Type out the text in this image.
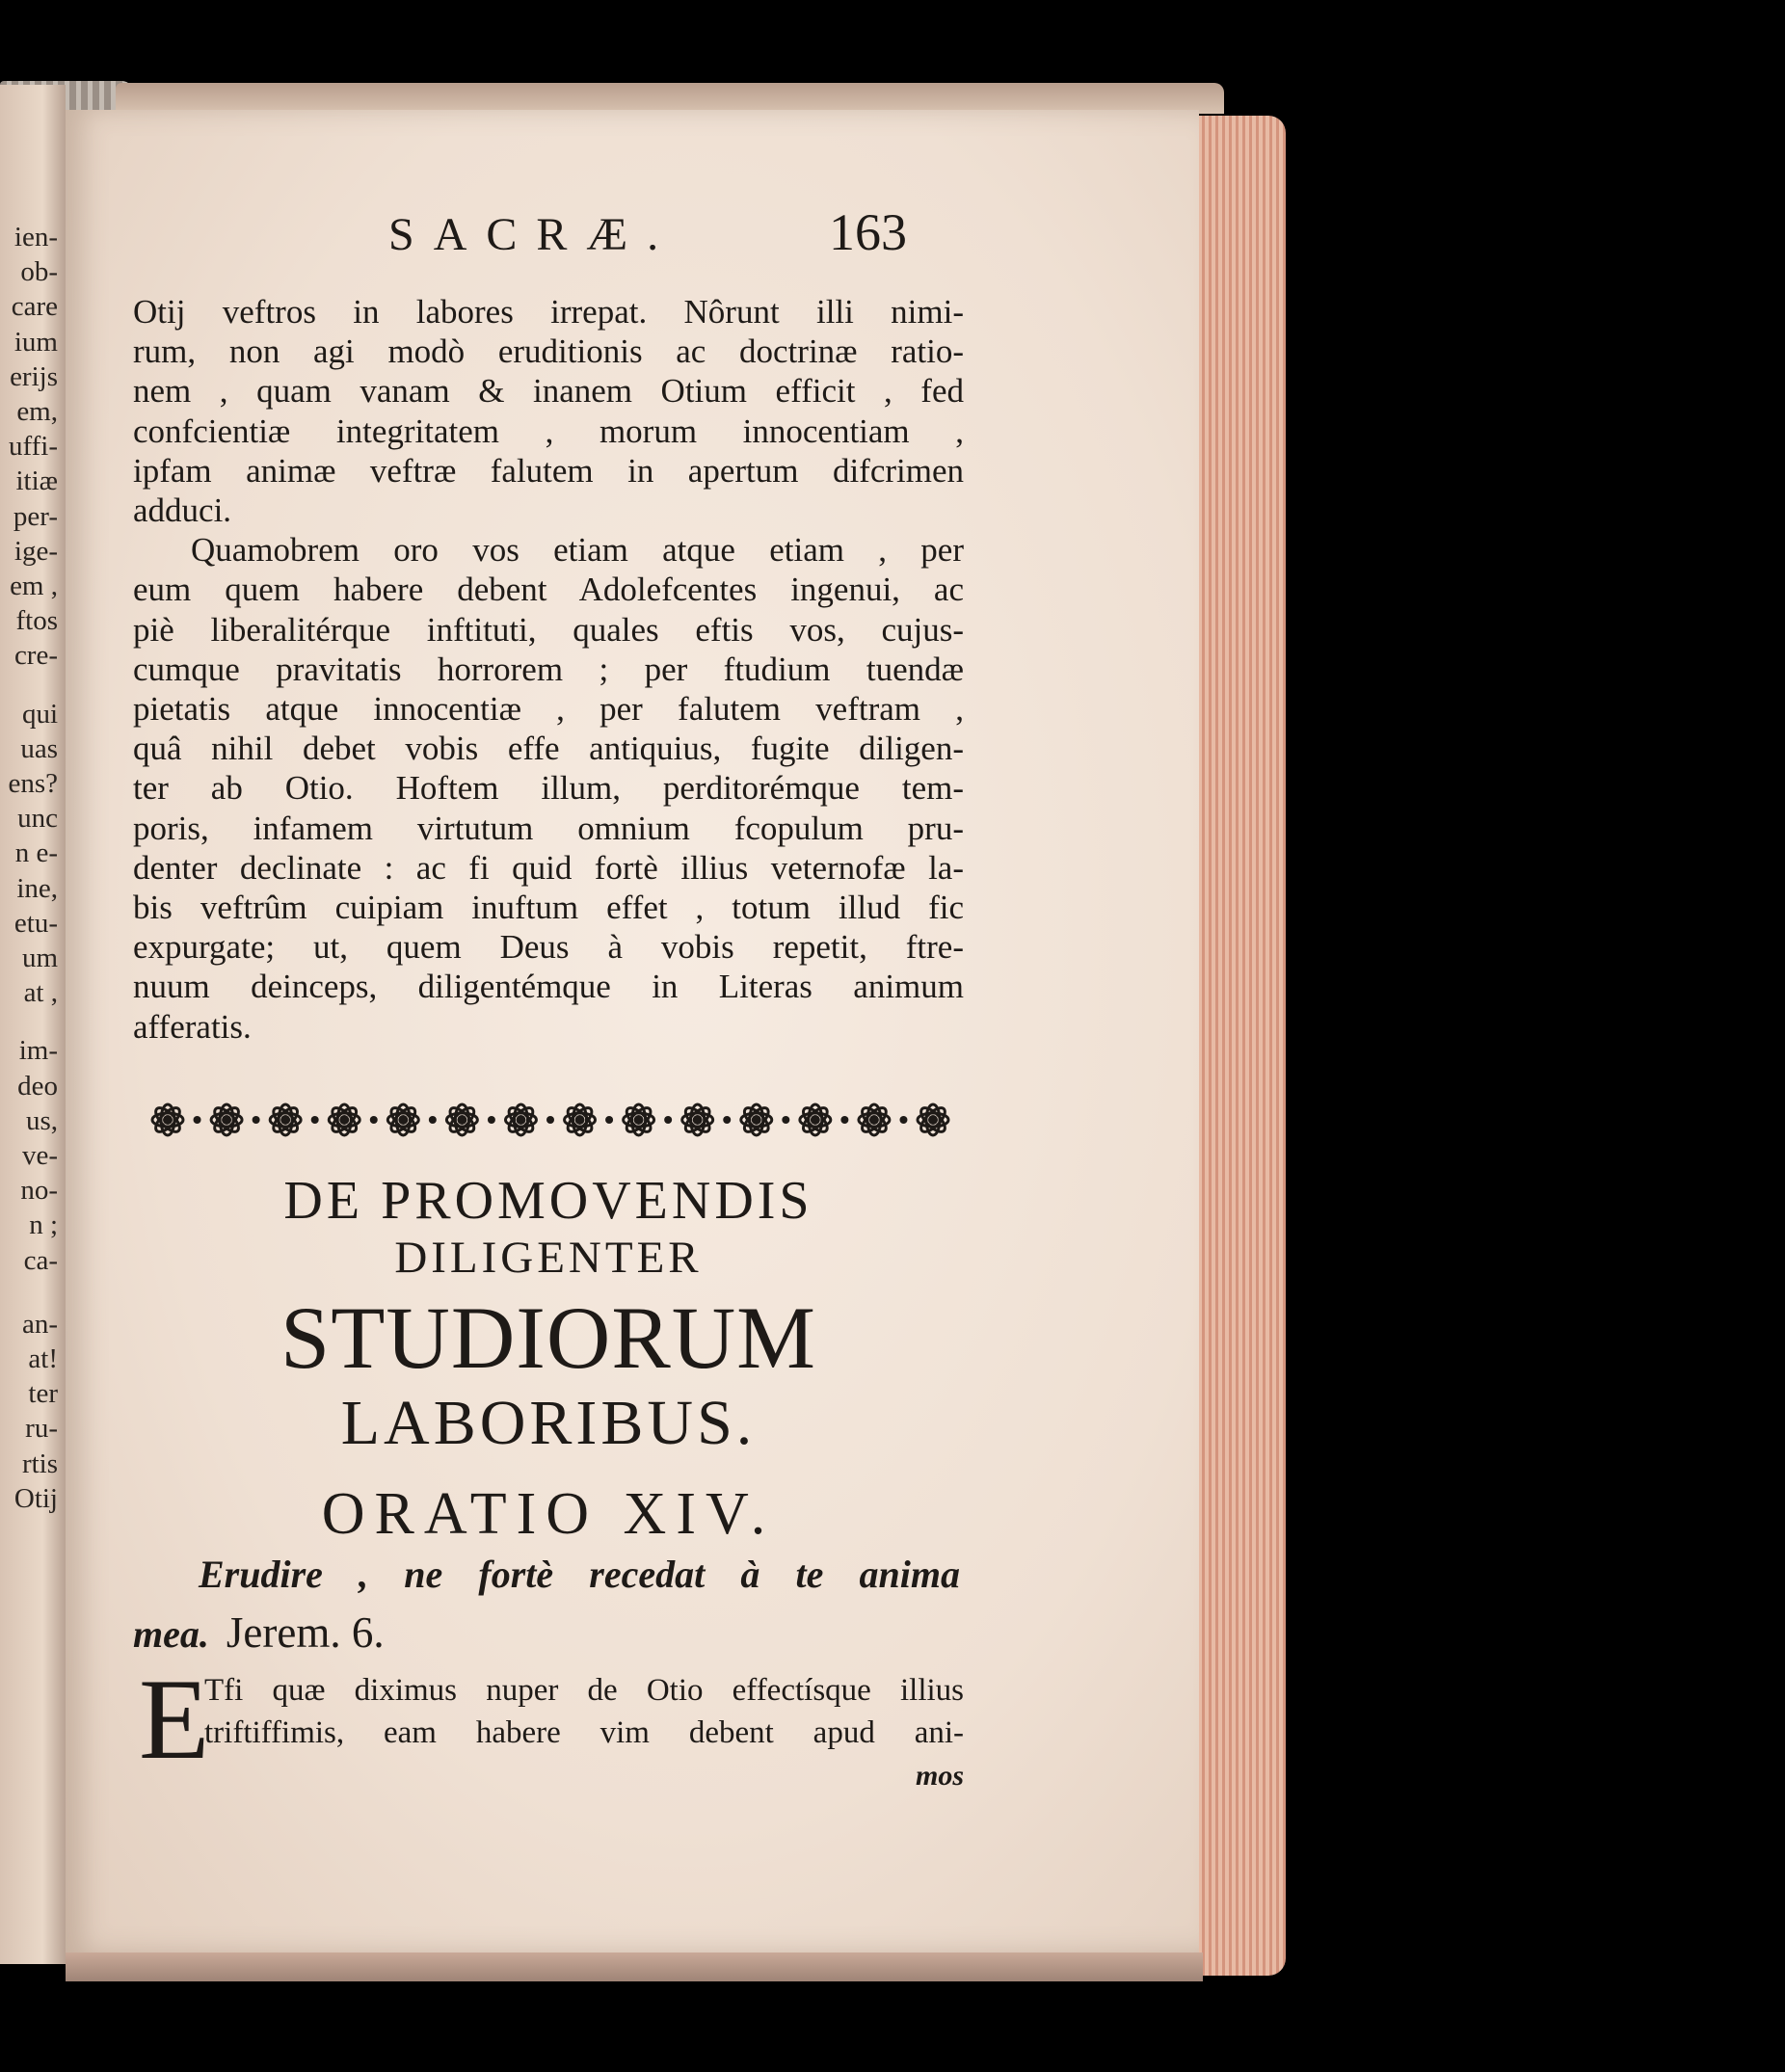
ien-
ob-
care
ium
erijs
em,
uffi-
itiæ
per-
ige-
em ,
ftos
cre-
qui
uas
ens?
unc
n e-
ine,
etu-
um
at ,
im-
deo
us,
ve-
no-
n ;
ca-
an-
at!
ter
ru-
rtis
Otij
SACRÆ.	163
Otij veftros in labores irrepat. Nôrunt illi nimi-
rum, non agi modò eruditionis ac doctrinæ ratio-
nem , quam vanam & inanem Otium efficit , fed
confcientiæ integritatem , morum innocentiam ,
ipfam animæ veftræ falutem in apertum difcrimen
adduci.
Quamobrem oro vos etiam atque etiam , per
eum quem habere debent Adolefcentes ingenui, ac
piè liberalitérque inftituti, quales eftis vos, cujus-
cumque pravitatis horrorem ; per ftudium tuendæ
pietatis atque innocentiæ , per falutem veftram ,
quâ nihil debet vobis effe antiquius, fugite diligen-
ter ab Otio. Hoftem illum, perditorémque tem-
poris, infamem virtutum omnium fcopulum pru-
denter declinate : ac fi quid fortè illius veternofæ la-
bis veftrûm cuipiam inuftum effet , totum illud fic
expurgate; ut, quem Deus à vobis repetit, ftre-
nuum deinceps, diligentémque in Literas animum
afferatis.
DE PROMOVENDIS
DILIGENTER
STUDIORUM
LABORIBUS.
ORATIO XIV.
Erudire , ne fortè recedat à te anima
mea. Jerem. 6.
E
Tfi quæ diximus nuper de Otio effectísque illius
triftiffimis, eam habere vim debent apud ani-
mos
